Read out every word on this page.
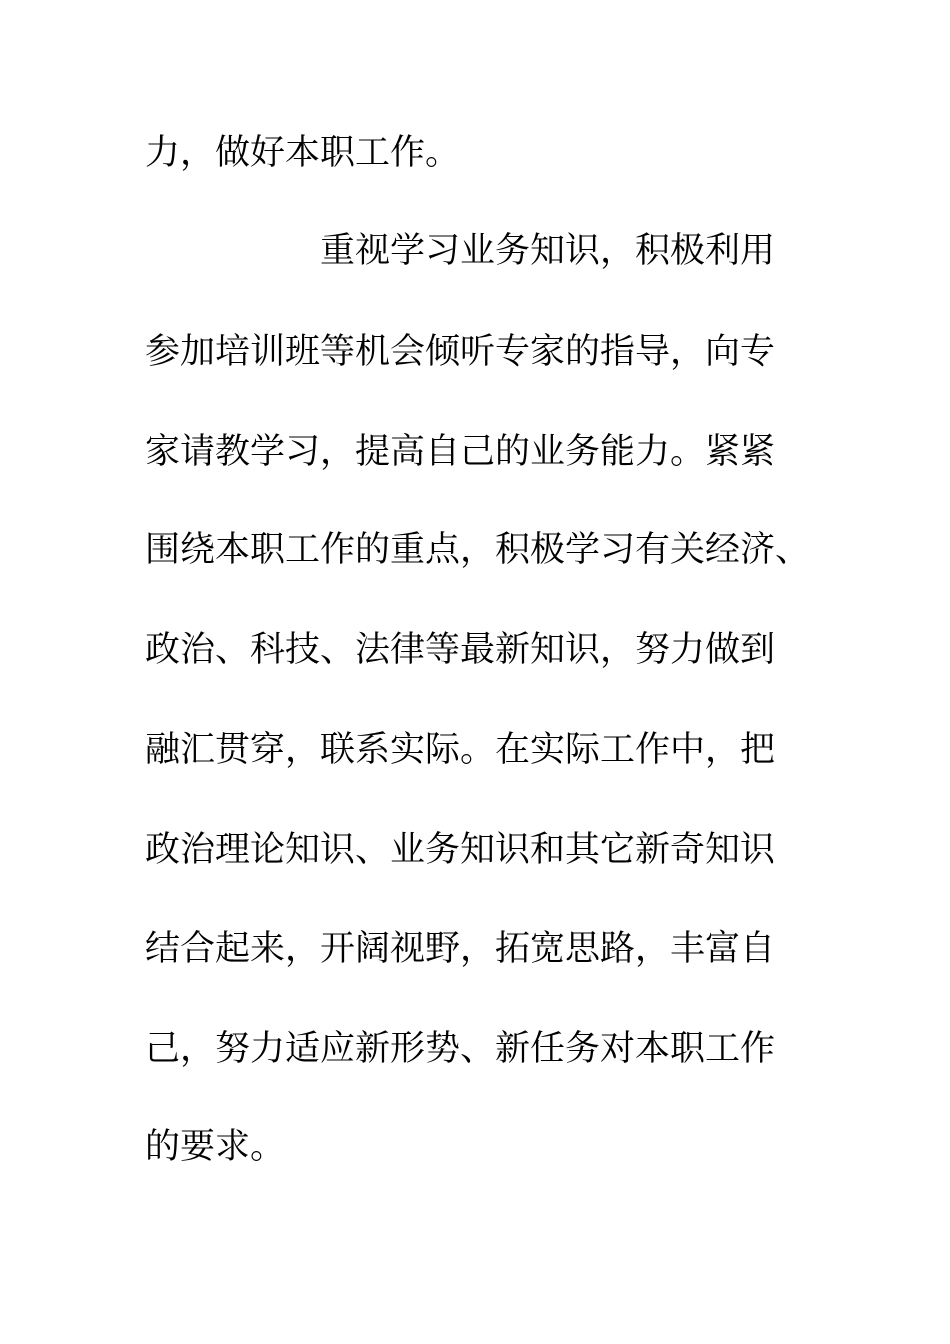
力，做好本职工作。
重视学习业务知识，积极利用
参加培训班等机会倾听专家的指导，向专
家请教学习，提高自己的业务能力。紧紧
围绕本职工作的重点，积极学习有关经济、
政治、科技、法律等最新知识，努力做到
融汇贯穿，联系实际。在实际工作中，把
政治理论知识、业务知识和其它新奇知识
结合起来，开阔视野，拓宽思路，丰富自
己，努力适应新形势、新任务对本职工作
的要求。
